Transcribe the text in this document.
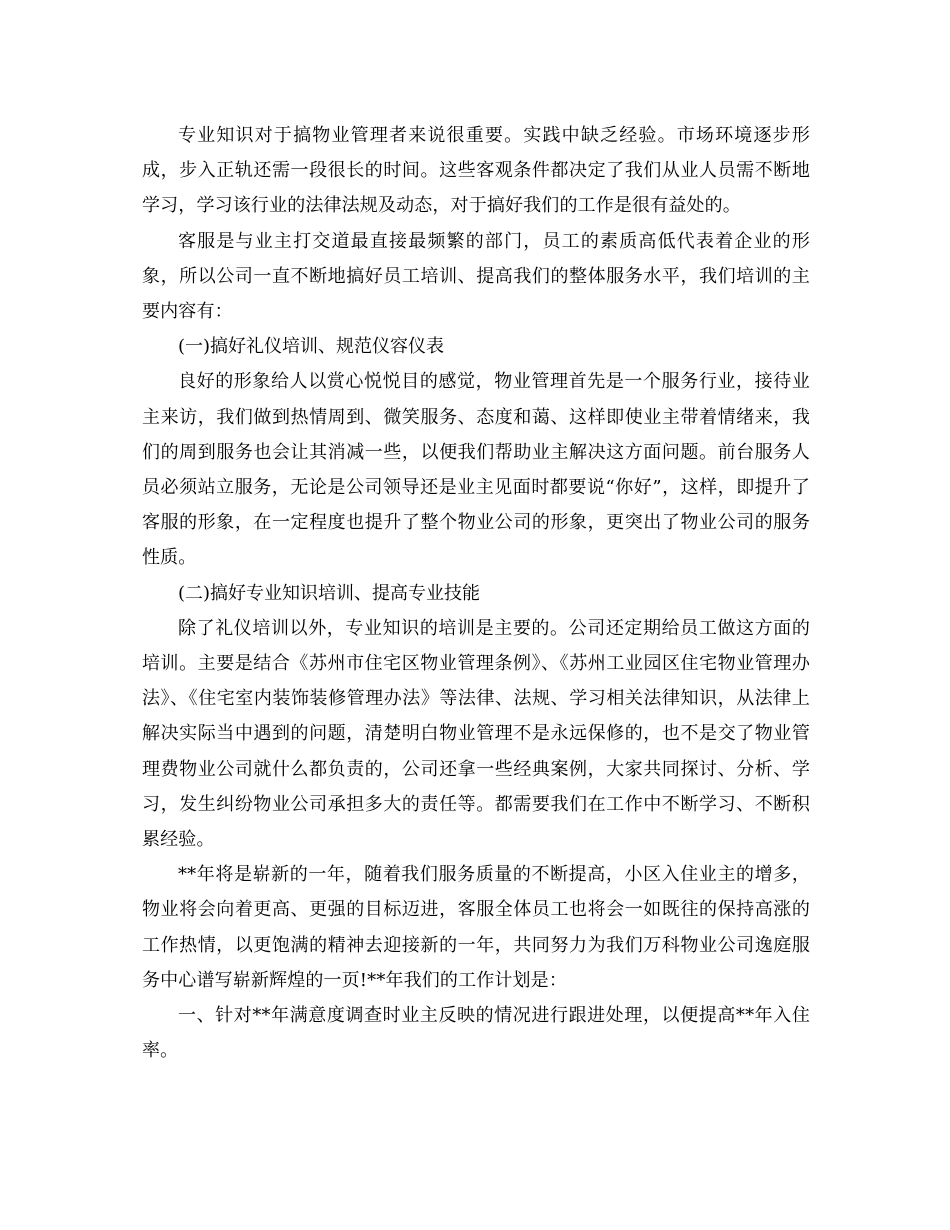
专业知识对于搞物业管理者来说很重要。实践中缺乏经验。市场环境逐步形成，步入正轨还需一段很长的时间。这些客观条件都决定了我们从业人员需不断地学习，学习该行业的法律法规及动态，对于搞好我们的工作是很有益处的。

客服是与业主打交道最直接最频繁的部门，员工的素质高低代表着企业的形象，所以公司一直不断地搞好员工培训、提高我们的整体服务水平，我们培训的主要内容有：

(一)搞好礼仪培训、规范仪容仪表

良好的形象给人以赏心悦悦目的感觉，物业管理首先是一个服务行业，接待业主来访，我们做到热情周到、微笑服务、态度和蔼、这样即使业主带着情绪来，我们的周到服务也会让其消减一些，以便我们帮助业主解决这方面问题。前台服务人员必须站立服务，无论是公司领导还是业主见面时都要说“你好”，这样，即提升了客服的形象，在一定程度也提升了整个物业公司的形象，更突出了物业公司的服务性质。

(二)搞好专业知识培训、提高专业技能

除了礼仪培训以外，专业知识的培训是主要的。公司还定期给员工做这方面的培训。主要是结合《苏州市住宅区物业管理条例》、《苏州工业园区住宅物业管理办法》、《住宅室内装饰装修管理办法》等法律、法规、学习相关法律知识，从法律上解决实际当中遇到的问题，清楚明白物业管理不是永远保修的，也不是交了物业管理费物业公司就什么都负责的，公司还拿一些经典案例，大家共同探讨、分析、学习，发生纠纷物业公司承担多大的责任等。都需要我们在工作中不断学习、不断积累经验。

**年将是崭新的一年，随着我们服务质量的不断提高，小区入住业主的增多，物业将会向着更高、更强的目标迈进，客服全体员工也将会一如既往的保持高涨的工作热情，以更饱满的精神去迎接新的一年，共同努力为我们万科物业公司逸庭服务中心谱写崭新辉煌的一页!**年我们的工作计划是：

一、针对**年满意度调查时业主反映的情况进行跟进处理，以便提高**年入住率。
